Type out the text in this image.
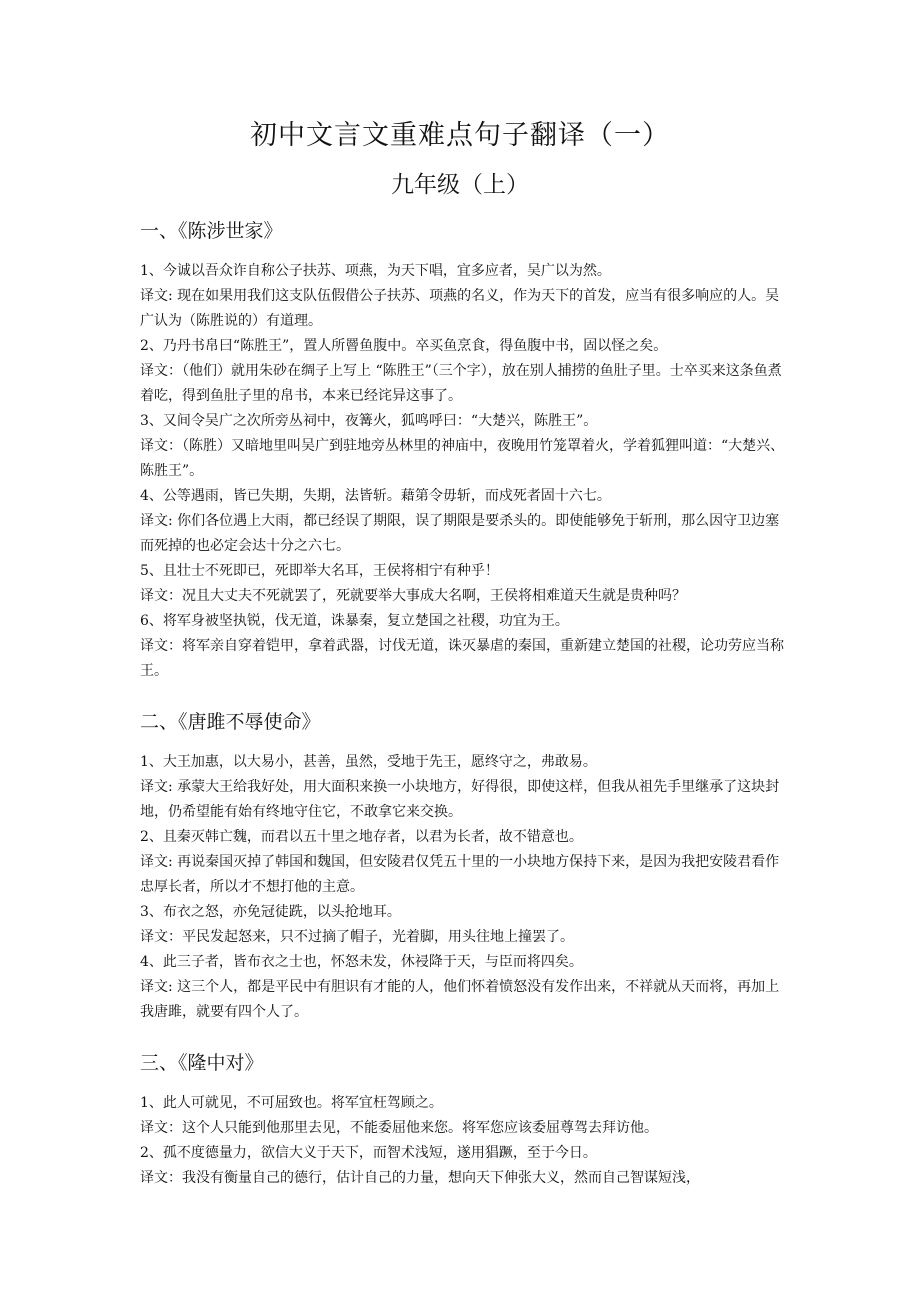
初中文言文重难点句子翻译（一）
九年级（上）
一、《陈涉世家》

1、今诚以吾众诈自称公子扶苏、项燕，为天下唱，宜多应者，吴广以为然。

译文: 现在如果用我们这支队伍假借公子扶苏、项燕的名义，作为天下的首发，应当有很多响应的人。吴广认为（陈胜说的）有道理。

2、乃丹书帛曰“陈胜王”，置人所罾鱼腹中。卒买鱼烹食，得鱼腹中书，固以怪之矣。

译文：（他们）就用朱砂在绸子上写上 “陈胜王”（三个字），放在别人捕捞的鱼肚子里。士卒买来这条鱼煮着吃，得到鱼肚子里的帛书，本来已经诧异这事了。

3、又间令吴广之次所旁丛祠中，夜篝火，狐鸣呼曰：“大楚兴，陈胜王”。

译文：（陈胜）又暗地里叫吴广到驻地旁丛林里的神庙中，夜晚用竹笼罩着火，学着狐狸叫道：“大楚兴、陈胜王”。

4、公等遇雨，皆已失期，失期，法皆斩。藉第令毋斩，而戍死者固十六七。

译文: 你们各位遇上大雨，都已经误了期限，误了期限是要杀头的。即使能够免于斩刑，那么因守卫边塞而死掉的也必定会达十分之六七。

5、且壮士不死即已，死即举大名耳，王侯将相宁有种乎！

译文：况且大丈夫不死就罢了，死就要举大事成大名啊，王侯将相难道天生就是贵种吗？

6、将军身被坚执锐，伐无道，诛暴秦，复立楚国之社稷，功宜为王。

译文：将军亲自穿着铠甲，拿着武器，讨伐无道，诛灭暴虐的秦国，重新建立楚国的社稷，论功劳应当称王。

二、《唐雎不辱使命》

1、大王加惠，以大易小，甚善，虽然，受地于先王，愿终守之，弗敢易。

译文: 承蒙大王给我好处，用大面积来换一小块地方，好得很，即使这样，但我从祖先手里继承了这块封地，仍希望能有始有终地守住它，不敢拿它来交换。

2、且秦灭韩亡魏，而君以五十里之地存者，以君为长者，故不错意也。

译文: 再说秦国灭掉了韩国和魏国，但安陵君仅凭五十里的一小块地方保持下来，是因为我把安陵君看作忠厚长者，所以才不想打他的主意。

3、布衣之怒，亦免冠徒跣，以头抢地耳。

译文：平民发起怒来，只不过摘了帽子，光着脚，用头往地上撞罢了。

4、此三子者，皆布衣之士也，怀怒未发，休祲降于天，与臣而将四矣。

译文: 这三个人，都是平民中有胆识有才能的人，他们怀着愤怒没有发作出来，不祥就从天而将，再加上我唐雎，就要有四个人了。

三、《隆中对》

1、此人可就见，不可屈致也。将军宜枉驾顾之。

译文：这个人只能到他那里去见，不能委屈他来您。将军您应该委屈尊驾去拜访他。

2、孤不度德量力，欲信大义于天下，而智术浅短，遂用猖蹶，至于今日。

译文：我没有衡量自己的德行，估计自己的力量，想向天下伸张大义，然而自己智谋短浅，
